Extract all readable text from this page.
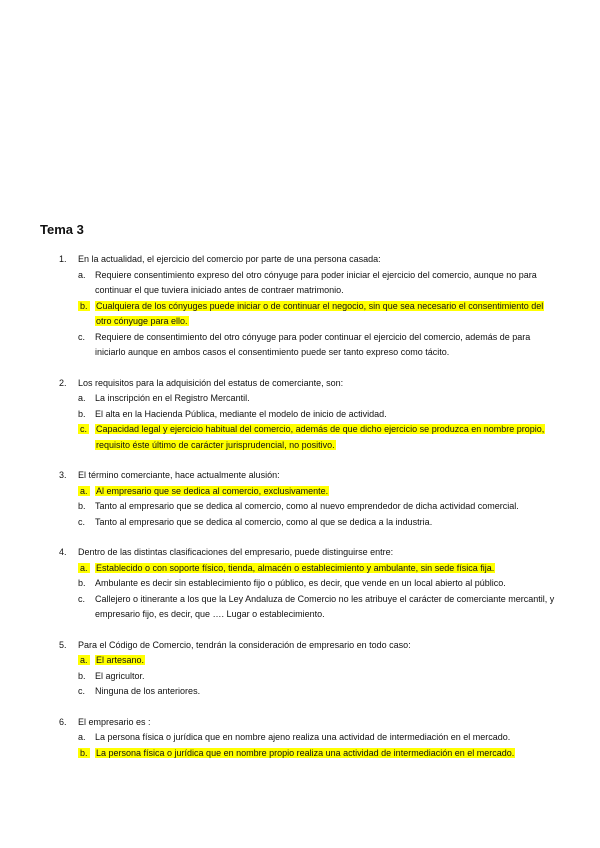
Tema 3
1. En la actualidad, el ejercicio del comercio por parte de una persona casada:
a. Requiere consentimiento expreso del otro cónyuge para poder iniciar el ejercicio del comercio, aunque no para continuar el que tuviera iniciado antes de contraer matrimonio.
b. Cualquiera de los cónyuges puede iniciar o de continuar el negocio, sin que sea necesario el consentimiento del otro cónyuge para ello.
c. Requiere de consentimiento del otro cónyuge para poder continuar el ejercicio del comercio, además de para iniciarlo aunque en ambos casos el consentimiento puede ser tanto expreso como tácito.
2. Los requisitos para la adquisición del estatus de comerciante, son:
a. La inscripción en el Registro Mercantil.
b. El alta en la Hacienda Pública, mediante el modelo de inicio de actividad.
c. Capacidad legal y ejercicio habitual del comercio, además de que dicho ejercicio se produzca en nombre propio, requisito éste último de carácter jurisprudencial, no positivo.
3. El término comerciante, hace actualmente alusión:
a. Al empresario que se dedica al comercio, exclusivamente.
b. Tanto al empresario que se dedica al comercio, como al nuevo emprendedor de dicha actividad comercial.
c. Tanto al empresario que se dedica al comercio, como al que se dedica a la industria.
4. Dentro de las distintas clasificaciones del empresario, puede distinguirse entre:
a. Establecido o con soporte físico, tienda, almacén o establecimiento y ambulante, sin sede física fija.
b. Ambulante es decir sin establecimiento fijo o público, es decir, que vende en un local abierto al público.
c. Callejero o itinerante a los que la Ley Andaluza de Comercio no les atribuye el carácter de comerciante mercantil, y empresario fijo, es decir, que …. Lugar o establecimiento.
5. Para el Código de Comercio, tendrán la consideración de empresario en todo caso:
a. El artesano.
b. El agricultor.
c. Ninguna de los anteriores.
6. El empresario es :
a. La persona física o jurídica que en nombre ajeno realiza una actividad de intermediación en el mercado.
b. La persona física o jurídica que en nombre propio realiza una actividad de intermediación en el mercado.
